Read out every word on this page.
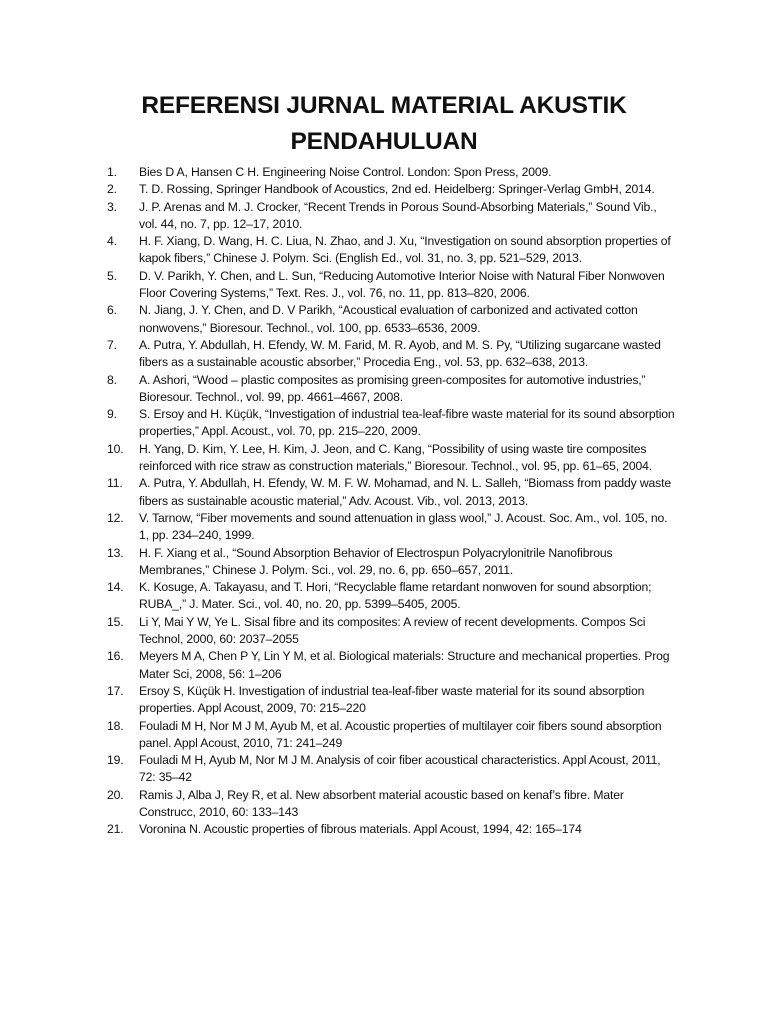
REFERENSI JURNAL MATERIAL AKUSTIK
PENDAHULUAN
1.	Bies D A, Hansen C H. Engineering Noise Control. London: Spon Press, 2009.
2.	T. D. Rossing, Springer Handbook of Acoustics, 2nd ed. Heidelberg: Springer-Verlag GmbH, 2014.
3.	J. P. Arenas and M. J. Crocker, “Recent Trends in Porous Sound-Absorbing Materials,” Sound Vib., vol. 44, no. 7, pp. 12–17, 2010.
4.	H. F. Xiang, D. Wang, H. C. Liua, N. Zhao, and J. Xu, “Investigation on sound absorption properties of kapok fibers,” Chinese J. Polym. Sci. (English Ed., vol. 31, no. 3, pp. 521–529, 2013.
5.	D. V. Parikh, Y. Chen, and L. Sun, “Reducing Automotive Interior Noise with Natural Fiber Nonwoven Floor Covering Systems,” Text. Res. J., vol. 76, no. 11, pp. 813–820, 2006.
6.	N. Jiang, J. Y. Chen, and D. V Parikh, “Acoustical evaluation of carbonized and activated cotton nonwovens,” Bioresour. Technol., vol. 100, pp. 6533–6536, 2009.
7.	A. Putra, Y. Abdullah, H. Efendy, W. M. Farid, M. R. Ayob, and M. S. Py, “Utilizing sugarcane wasted fibers as a sustainable acoustic absorber,” Procedia Eng., vol. 53, pp. 632–638, 2013.
8.	A. Ashori, “Wood – plastic composites as promising green-composites for automotive industries,” Bioresour. Technol., vol. 99, pp. 4661–4667, 2008.
9.	S. Ersoy and H. Küçük, “Investigation of industrial tea-leaf-fibre waste material for its sound absorption properties,” Appl. Acoust., vol. 70, pp. 215–220, 2009.
10.	H. Yang, D. Kim, Y. Lee, H. Kim, J. Jeon, and C. Kang, “Possibility of using waste tire composites reinforced with rice straw as construction materials,” Bioresour. Technol., vol. 95, pp. 61–65, 2004.
11.	A. Putra, Y. Abdullah, H. Efendy, W. M. F. W. Mohamad, and N. L. Salleh, “Biomass from paddy waste fibers as sustainable acoustic material,” Adv. Acoust. Vib., vol. 2013, 2013.
12.	V. Tarnow, “Fiber movements and sound attenuation in glass wool,” J. Acoust. Soc. Am., vol. 105, no. 1, pp. 234–240, 1999.
13.	H. F. Xiang et al., “Sound Absorption Behavior of Electrospun Polyacrylonitrile Nanofibrous Membranes,” Chinese J. Polym. Sci., vol. 29, no. 6, pp. 650–657, 2011.
14.	K. Kosuge, A. Takayasu, and T. Hori, “Recyclable flame retardant nonwoven for sound absorption; RUBA_,” J. Mater. Sci., vol. 40, no. 20, pp. 5399–5405, 2005.
15.	Li Y, Mai Y W, Ye L. Sisal fibre and its composites: A review of recent developments. Compos Sci Technol, 2000, 60: 2037–2055
16.	Meyers M A, Chen P Y, Lin Y M, et al. Biological materials: Structure and mechanical properties. Prog Mater Sci, 2008, 56: 1–206
17.	Ersoy S, Küçük H. Investigation of industrial tea-leaf-fiber waste material for its sound absorption properties. Appl Acoust, 2009, 70: 215–220
18.	Fouladi M H, Nor M J M, Ayub M, et al. Acoustic properties of multilayer coir fibers sound absorption panel. Appl Acoust, 2010, 71: 241–249
19.	Fouladi M H, Ayub M, Nor M J M. Analysis of coir fiber acoustical characteristics. Appl Acoust, 2011, 72: 35–42
20.	Ramis J, Alba J, Rey R, et al. New absorbent material acoustic based on kenaf’s fibre. Mater Construcc, 2010, 60: 133–143
21.	Voronina N. Acoustic properties of fibrous materials. Appl Acoust, 1994, 42: 165–174
